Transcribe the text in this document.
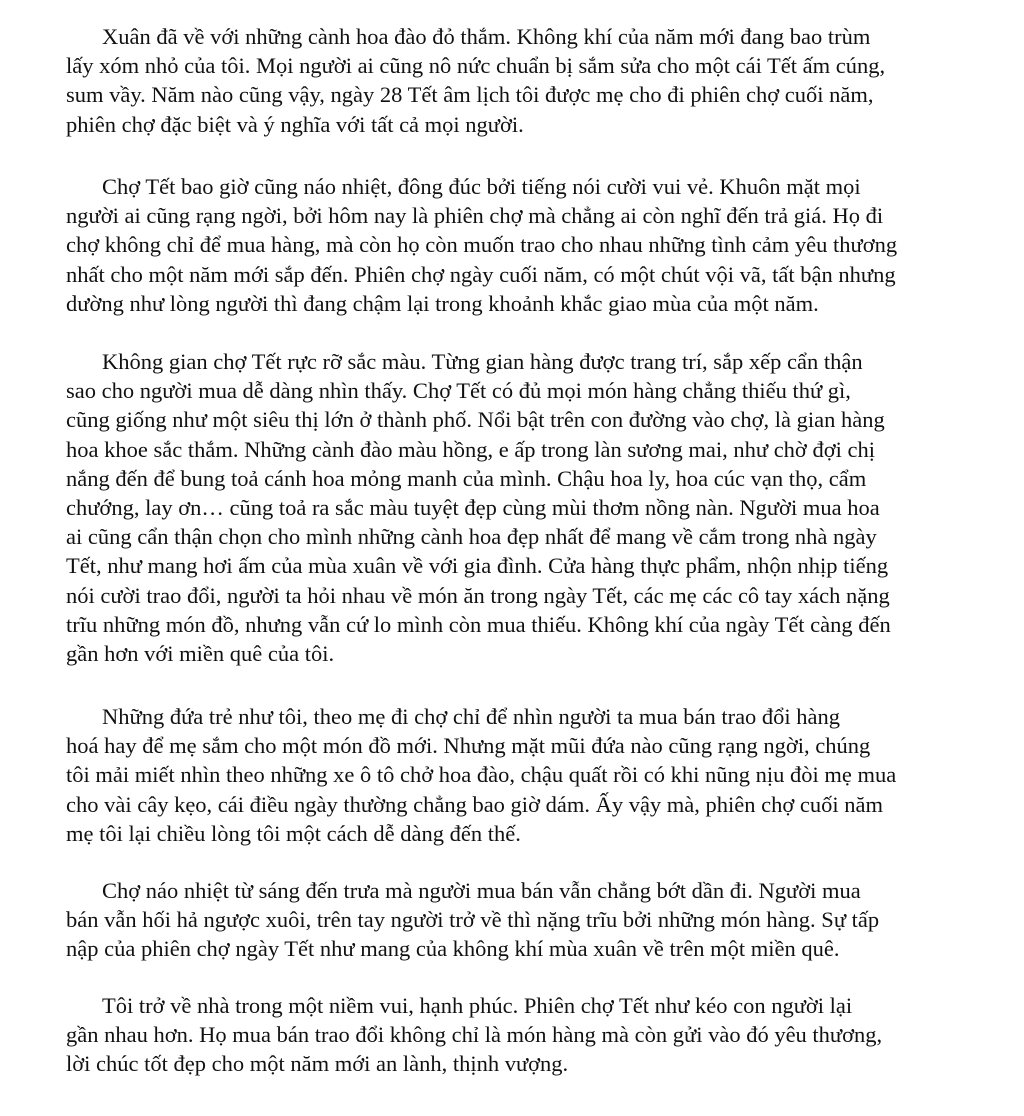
Xuân đã về với những cành hoa đào đỏ thắm. Không khí của năm mới đang bao trùm
lấy xóm nhỏ của tôi. Mọi người ai cũng nô nức chuẩn bị sắm sửa cho một cái Tết ấm cúng,
sum vầy. Năm nào cũng vậy, ngày 28 Tết âm lịch tôi được mẹ cho đi phiên chợ cuối năm,
phiên chợ đặc biệt và ý nghĩa với tất cả mọi người.

Chợ Tết bao giờ cũng náo nhiệt, đông đúc bởi tiếng nói cười vui vẻ. Khuôn mặt mọi
người ai cũng rạng ngời, bởi hôm nay là phiên chợ mà chẳng ai còn nghĩ đến trả giá. Họ đi
chợ không chỉ để mua hàng, mà còn họ còn muốn trao cho nhau những tình cảm yêu thương
nhất cho một năm mới sắp đến. Phiên chợ ngày cuối năm, có một chút vội vã, tất bận nhưng
dường như lòng người thì đang chậm lại trong khoảnh khắc giao mùa của một năm.

Không gian chợ Tết rực rỡ sắc màu. Từng gian hàng được trang trí, sắp xếp cẩn thận
sao cho người mua dễ dàng nhìn thấy. Chợ Tết có đủ mọi món hàng chẳng thiếu thứ gì,
cũng giống như một siêu thị lớn ở thành phố. Nổi bật trên con đường vào chợ, là gian hàng
hoa khoe sắc thắm. Những cành đào màu hồng, e ấp trong làn sương mai, như chờ đợi chị
nắng đến để bung toả cánh hoa mỏng manh của mình. Chậu hoa ly, hoa cúc vạn thọ, cẩm
chướng, lay ơn… cũng toả ra sắc màu tuyệt đẹp cùng mùi thơm nồng nàn. Người mua hoa
ai cũng cẩn thận chọn cho mình những cành hoa đẹp nhất để mang về cắm trong nhà ngày
Tết, như mang hơi ấm của mùa xuân về với gia đình. Cửa hàng thực phẩm, nhộn nhịp tiếng
nói cười trao đổi, người ta hỏi nhau về món ăn trong ngày Tết, các mẹ các cô tay xách nặng
trĩu những món đồ, nhưng vẫn cứ lo mình còn mua thiếu. Không khí của ngày Tết càng đến
gần hơn với miền quê của tôi.

Những đứa trẻ như tôi, theo mẹ đi chợ chỉ để nhìn người ta mua bán trao đổi hàng
hoá hay để mẹ sắm cho một món đồ mới. Nhưng mặt mũi đứa nào cũng rạng ngời, chúng
tôi mải miết nhìn theo những xe ô tô chở hoa đào, chậu quất rồi có khi nũng nịu đòi mẹ mua
cho vài cây kẹo, cái điều ngày thường chẳng bao giờ dám. Ấy vậy mà, phiên chợ cuối năm
mẹ tôi lại chiều lòng tôi một cách dễ dàng đến thế.

Chợ náo nhiệt từ sáng đến trưa mà người mua bán vẫn chẳng bớt dần đi. Người mua
bán vẫn hối hả ngược xuôi, trên tay người trở về thì nặng trĩu bởi những món hàng. Sự tấp
nập của phiên chợ ngày Tết như mang của không khí mùa xuân về trên một miền quê.

Tôi trở về nhà trong một niềm vui, hạnh phúc. Phiên chợ Tết như kéo con người lại
gần nhau hơn. Họ mua bán trao đổi không chỉ là món hàng mà còn gửi vào đó yêu thương,
lời chúc tốt đẹp cho một năm mới an lành, thịnh vượng.
